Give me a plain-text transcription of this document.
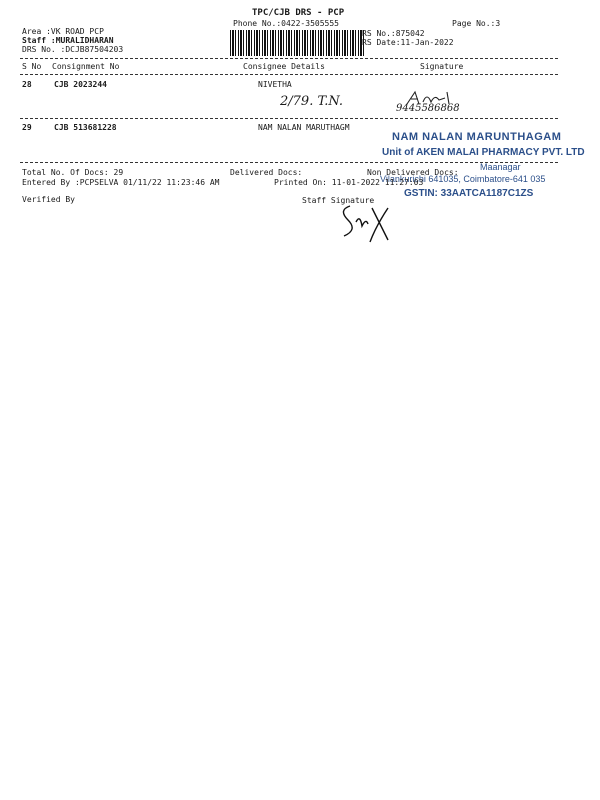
TPC/CJB DRS - PCP
Phone No.:0422-3505555	Page No.:3
Area :VK ROAD PCP
Staff :MURALIDHARAN
DRS No. :DCJB87504203
RS No.:875042
RS Date:11-Jan-2022
S No Consignment No	Consignee Details	Signature
28	CJB 2023244	NIVETHA
2/79. T.N.	9445586868
29	CJB 513681228	NAM NALAN MARUTHAGM
NAM NALAN MARUNTHAGAM
Unit of AKEN MALAI PHARMACY PVT. LTD
Maanagar
Vilankurichi 641035, Coimbatore-641 035
GSTIN: 33AATCA1187C1ZS
Total No. Of Docs: 29	Delivered Docs:	Non Delivered Docs:
Entered By :PCPSELVA 01/11/22 11:23:46 AM	Printed On: 11-01-2022 11:27:03
Verified By	Staff Signature
